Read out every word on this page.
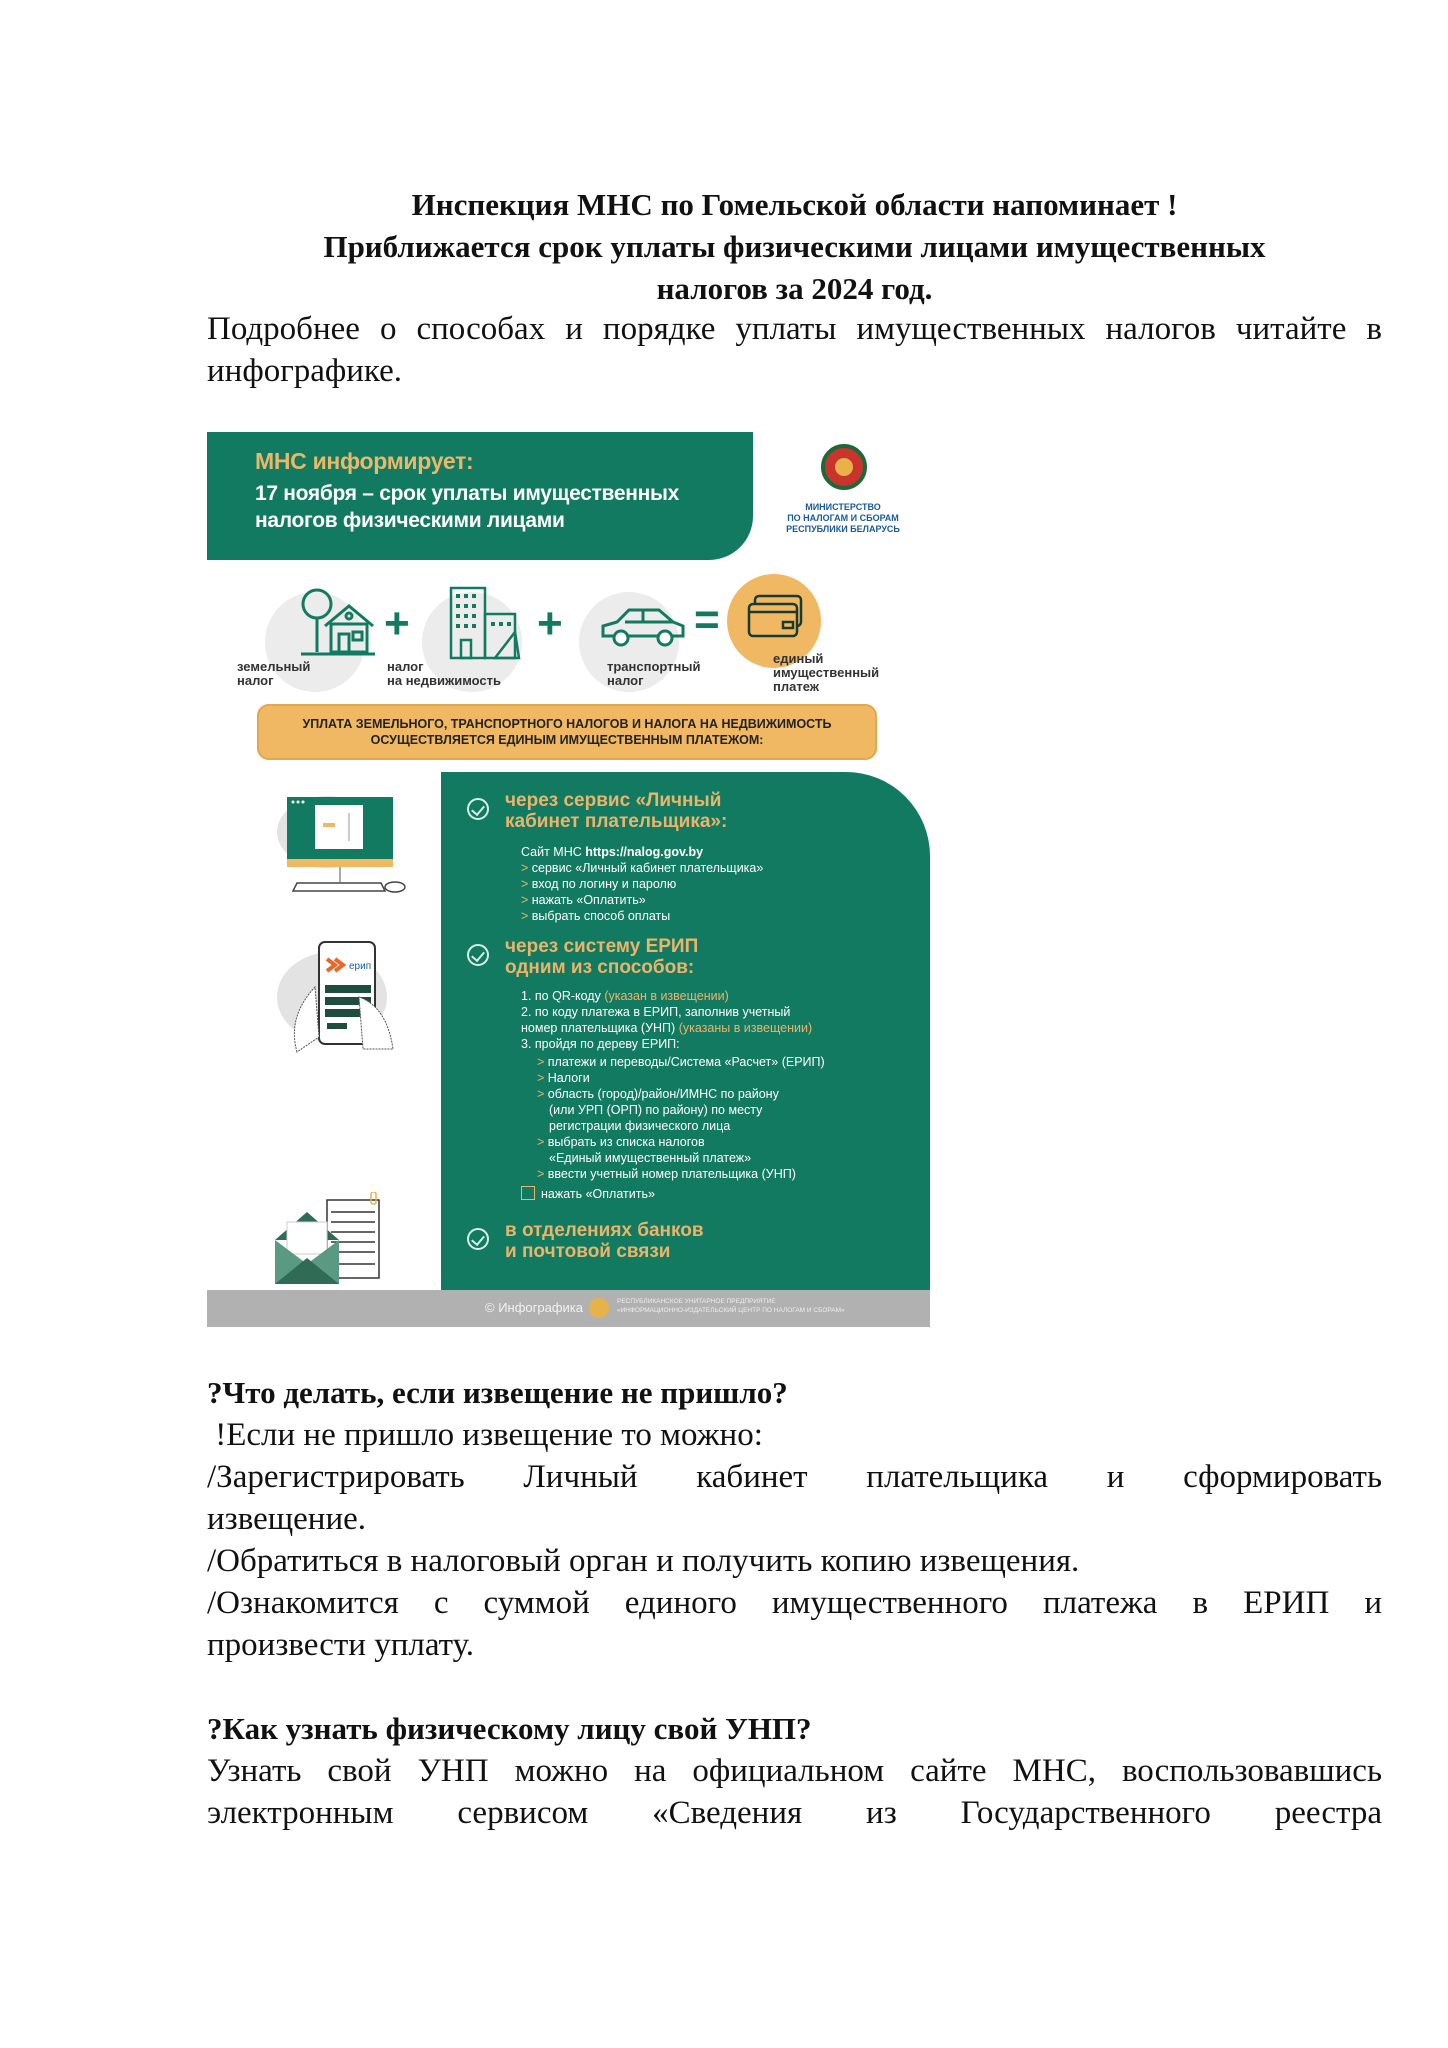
Инспекция МНС по Гомельской области напоминает !
Приближается срок уплаты физическими лицами имущественных
налогов за 2024 год.
Подробнее о способах и порядке уплаты имущественных налогов читайте в инфографике.
МНС информирует:
17 ноября – срок уплаты имущественных
налогов физическими лицами
МИНИСТЕРСТВО
ПО НАЛОГАМ И СБОРАМ
РЕСПУБЛИКИ БЕЛАРУСЬ
+
земельный
налог
+
налог
на недвижимость
=
транспортный
налог
единый
имущественный
платеж
УПЛАТА ЗЕМЕЛЬНОГО, ТРАНСПОРТНОГО НАЛОГОВ И НАЛОГА НА НЕДВИЖИМОСТЬ
ОСУЩЕСТВЛЯЕТСЯ ЕДИНЫМ ИМУЩЕСТВЕННЫМ ПЛАТЕЖОМ:
ерип
через сервис «Личный
кабинет плательщика»:
Сайт МНС https://nalog.gov.by
> сервис «Личный кабинет плательщика»
> вход по логину и паролю
> нажать «Оплатить»
> выбрать способ оплаты
через систему ЕРИП
одним из способов:
1. по QR-коду (указан в извещении)
2. по коду платежа в ЕРИП, заполнив учетный
номер плательщика (УНП) (указаны в извещении)
3. пройдя по дереву ЕРИП:
> платежи и переводы/Система «Расчет» (ЕРИП)
> Налоги
> область (город)/район/ИМНС по району
(или УРП (ОРП) по району) по месту
регистрации физического лица
> выбрать из списка налогов
«Единый имущественный платеж»
> ввести учетный номер плательщика (УНП)
нажать «Оплатить»
в отделениях банков
и почтовой связи
© Инфографика	РЕСПУБЛИКАНСКОЕ УНИТАРНОЕ ПРЕДПРИЯТИЕ
«ИНФОРМАЦИОННО-ИЗДАТЕЛЬСКИЙ ЦЕНТР ПО НАЛОГАМ И СБОРАМ»
?Что делать, если извещение не пришло?
!Если не пришло извещение то можно:
/Зарегистрировать Личный кабинет плательщика и сформировать
извещение.
/Обратиться в налоговый орган и получить копию извещения.
/Ознакомится с суммой единого имущественного платежа в ЕРИП и
произвести уплату.
?Как узнать физическому лицу свой УНП?
Узнать свой УНП можно на официальном сайте МНС, воспользовавшись
электронным сервисом «Сведения из Государственного реестра
